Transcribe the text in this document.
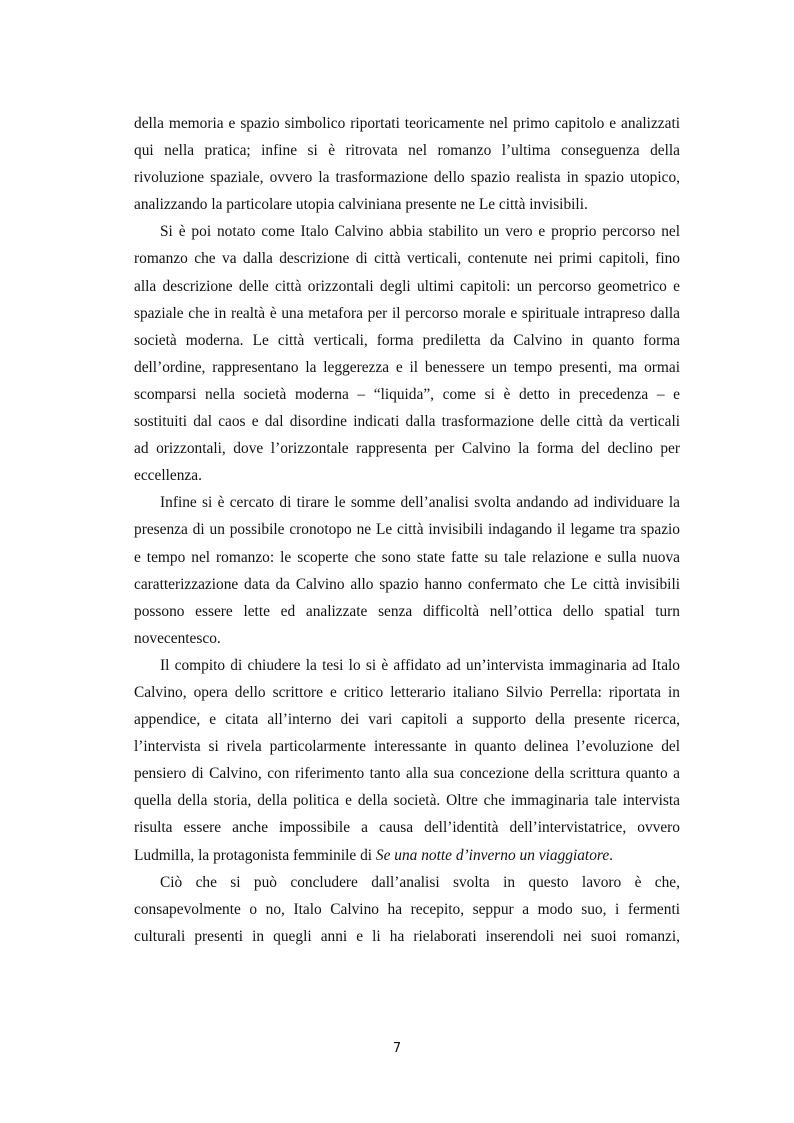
della memoria e spazio simbolico riportati teoricamente nel primo capitolo e analizzati
qui nella pratica; infine si è ritrovata nel romanzo l’ultima conseguenza della
rivoluzione spaziale, ovvero la trasformazione dello spazio realista in spazio utopico,
analizzando la particolare utopia calviniana presente ne Le città invisibili.
Si è poi notato come Italo Calvino abbia stabilito un vero e proprio percorso nel
romanzo che va dalla descrizione di città verticali, contenute nei primi capitoli, fino
alla descrizione delle città orizzontali degli ultimi capitoli: un percorso geometrico e
spaziale che in realtà è una metafora per il percorso morale e spirituale intrapreso dalla
società moderna. Le città verticali, forma prediletta da Calvino in quanto forma
dell’ordine, rappresentano la leggerezza e il benessere un tempo presenti, ma ormai
scomparsi nella società moderna – “liquida”, come si è detto in precedenza – e
sostituiti dal caos e dal disordine indicati dalla trasformazione delle città da verticali
ad orizzontali, dove l’orizzontale rappresenta per Calvino la forma del declino per
eccellenza.
Infine si è cercato di tirare le somme dell’analisi svolta andando ad individuare la
presenza di un possibile cronotopo ne Le città invisibili indagando il legame tra spazio
e tempo nel romanzo: le scoperte che sono state fatte su tale relazione e sulla nuova
caratterizzazione data da Calvino allo spazio hanno confermato che Le città invisibili
possono essere lette ed analizzate senza difficoltà nell’ottica dello spatial turn
novecentesco.
Il compito di chiudere la tesi lo si è affidato ad un’intervista immaginaria ad Italo
Calvino, opera dello scrittore e critico letterario italiano Silvio Perrella: riportata in
appendice, e citata all’interno dei vari capitoli a supporto della presente ricerca,
l’intervista si rivela particolarmente interessante in quanto delinea l’evoluzione del
pensiero di Calvino, con riferimento tanto alla sua concezione della scrittura quanto a
quella della storia, della politica e della società. Oltre che immaginaria tale intervista
risulta essere anche impossibile a causa dell’identità dell’intervistatrice, ovvero
Ludmilla, la protagonista femminile di Se una notte d’inverno un viaggiatore.
Ciò che si può concludere dall’analisi svolta in questo lavoro è che,
consapevolmente o no, Italo Calvino ha recepito, seppur a modo suo, i fermenti
culturali presenti in quegli anni e li ha rielaborati inserendoli nei suoi romanzi,
7
